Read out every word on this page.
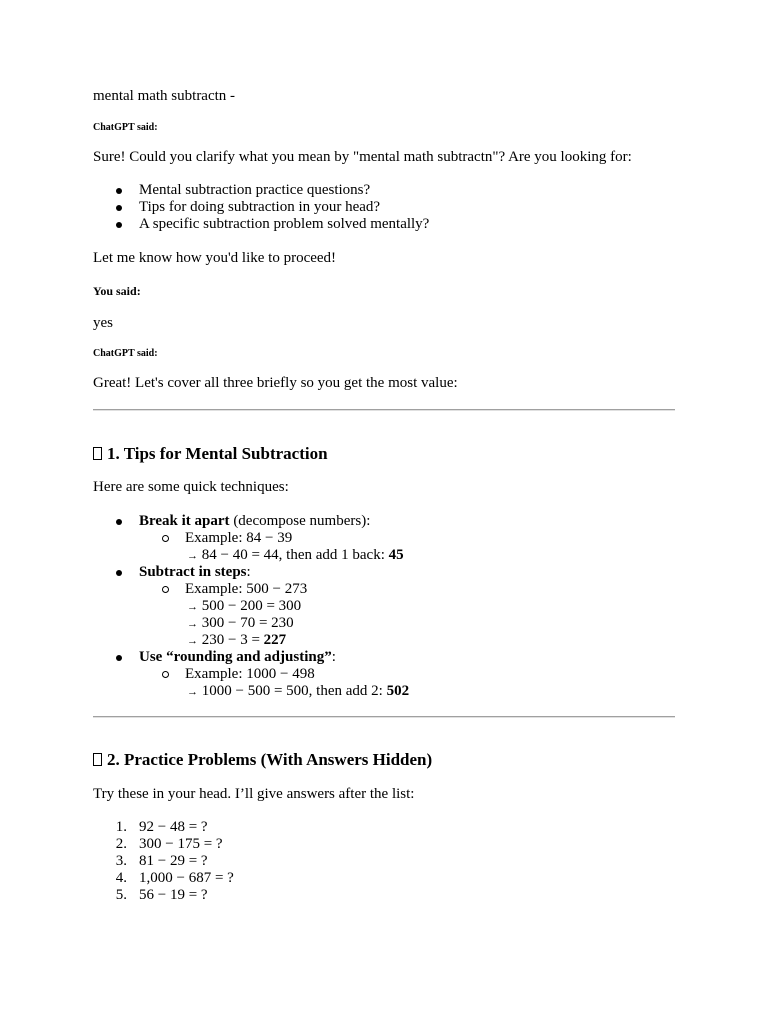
mental math subtractn -
ChatGPT said:
Sure! Could you clarify what you mean by "mental math subtractn"? Are you looking for:
Mental subtraction practice questions?
Tips for doing subtraction in your head?
A specific subtraction problem solved mentally?
Let me know how you'd like to proceed!
You said:
yes
ChatGPT said:
Great! Let's cover all three briefly so you get the most value:
1. Tips for Mental Subtraction
Here are some quick techniques:
Break it apart (decompose numbers):
Example: 84 − 39
→ 84 − 40 = 44, then add 1 back: 45
Subtract in steps:
Example: 500 − 273
→ 500 − 200 = 300
→ 300 − 70 = 230
→ 230 − 3 = 227
Use “rounding and adjusting”:
Example: 1000 − 498
→ 1000 − 500 = 500, then add 2: 502
2. Practice Problems (With Answers Hidden)
Try these in your head. I’ll give answers after the list:
1. 92 − 48 = ?
2. 300 − 175 = ?
3. 81 − 29 = ?
4. 1,000 − 687 = ?
5. 56 − 19 = ?
